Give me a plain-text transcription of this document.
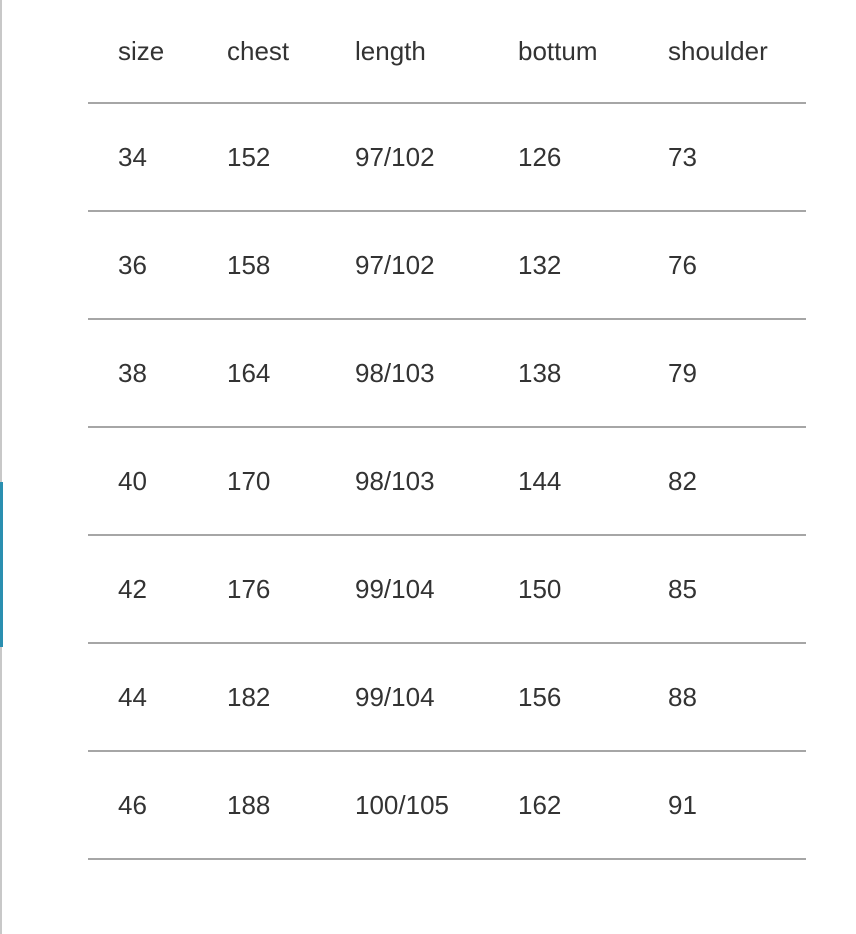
size	chest	length	bottum	shoulder
34	152	97/102	126	73
36	158	97/102	132	76
38	164	98/103	138	79
40	170	98/103	144	82
42	176	99/104	150	85
44	182	99/104	156	88
46	188	100/105	162	91
